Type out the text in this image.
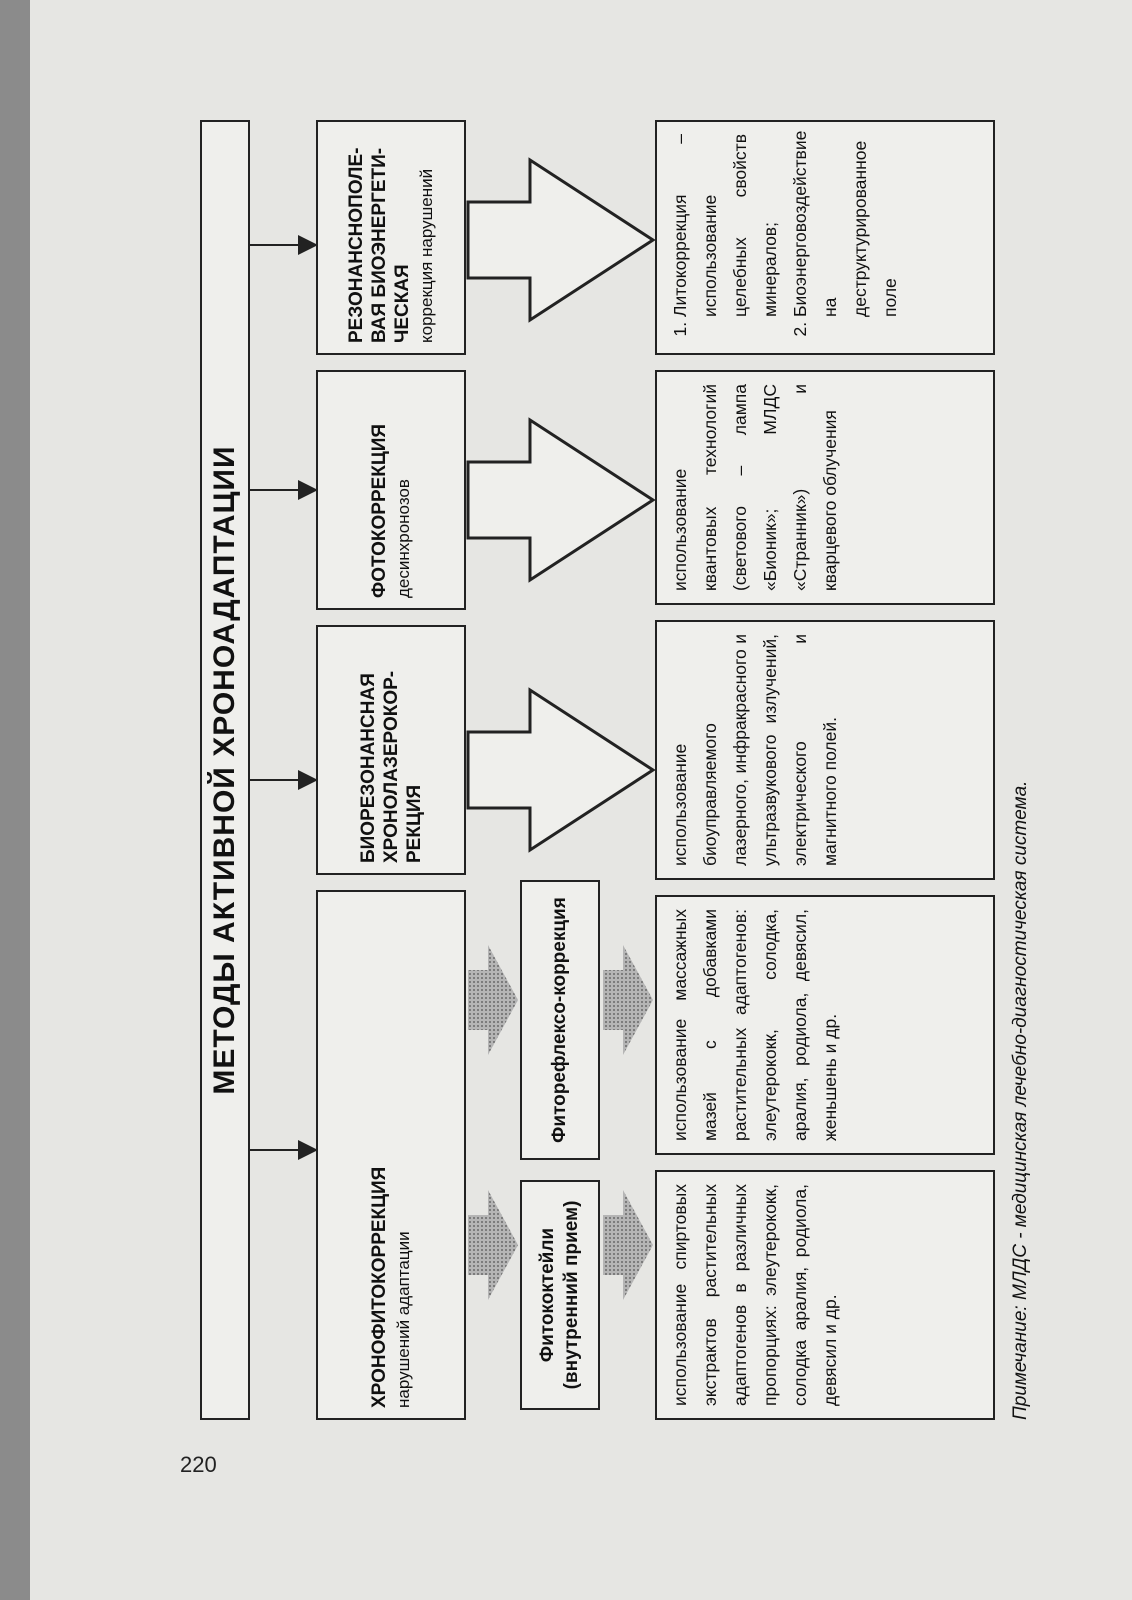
220
МЕТОДЫ АКТИВНОЙ ХРОНОАДАПТАЦИИ
ХРОНОФИТОКОРРЕКЦИЯ нарушений адаптации
БИОРЕЗОНАНСНАЯ ХРОНОЛАЗЕРОКОР-РЕКЦИЯ
ФОТОКОРРЕКЦИЯ десинхронозов
РЕЗОНАНСНОПОЛЕ-ВАЯ БИОЭНЕРГЕТИ-ЧЕСКАЯ коррекция нарушений
Фитококтейли (внутренний прием)
Фиторефлексо-коррекция
использование спиртовых экстрактов растительных адаптогенов в различных пропорциях: элеутерококк, солодка аралия, родиола, девясил и др.
использование массажных мазей с добавками растительных адаптогенов: элеутерококк, солодка, аралия, родиола, девясил, женьшень и др.
использование биоуправляемого лазерного, инфракрасного и ультразвукового излучений, электрического и магнитного полей.
использование квантовых технологий (светового – лампа «Бионик»; МЛДС «Странник») и кварцевого облучения
1. Литокоррекция – использование целебных свойств минералов;
2. Биоэнерговоздействие на деструктурированное поле
Примечание: МЛДС - медицинская лечебно-диагностическая система.
